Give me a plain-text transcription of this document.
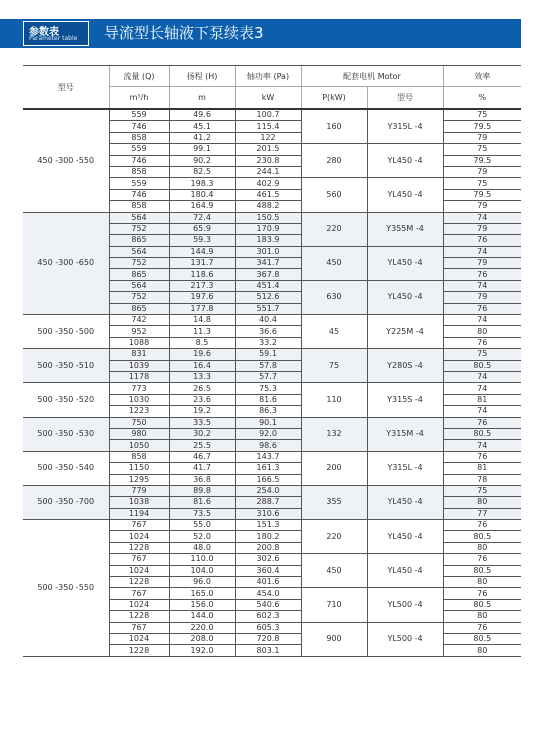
参数表
Parameter table 导流型长轴液下泵续表3
型号	流量 (Q)	扬程 (H)	轴功率 (Pa)	配套电机 Motor		效率
	m³/h	m	kW	P(kW)	型号	%
450 -300 -550	559	49.6	100.7	160	Y315L -4	75
	746	45.1	115.4			79.5
	858	41.2	122			79
	559	99.1	201.5	280	YL450 -4	75
	746	90.2	230.8			79.5
	858	82.5	244.1			79
	559	198.3	402.9	560	YL450 -4	75
	746	180.4	461.5			79.5
	858	164.9	488.2			79
450 -300 -650	564	72.4	150.5	220	Y355M -4	74
	752	65.9	170.9			79
	865	59.3	183.9			76
	564	144.9	301.0	450	YL450 -4	74
	752	131.7	341.7			79
	865	118.6	367.8			76
	564	217.3	451.4	630	YL450 -4	74
	752	197.6	512.6			79
	865	177.8	551.7			76
500 -350 -500	742	14.8	40.4	45	Y225M -4	74
	952	11.3	36.6			80
	1088	8.5	33.2			76
500 -350 -510	831	19.6	59.1	75	Y280S -4	75
	1039	16.4	57.8			80.5
	1178	13.3	57.7			74
500 -350 -520	773	26.5	75.3	110	Y315S -4	74
	1030	23.6	81.6			81
	1223	19.2	86.3			74
500 -350 -530	750	33.5	90.1	132	Y315M -4	76
	980	30.2	92.0			80.5
	1050	25.5	98.6			74
500 -350 -540	858	46.7	143.7	200	Y315L -4	76
	1150	41.7	161.3			81
	1295	36.8	166.5			78
500 -350 -700	779	89.8	254.0	355	YL450 -4	75
	1038	81.6	288.7			80
	1194	73.5	310.6			77
500 -350 -550	767	55.0	151.3	220	YL450 -4	76
	1024	52.0	180.2			80.5
	1228	48.0	200.8			80
	767	110.0	302.6	450	YL450 -4	76
	1024	104.0	360.4			80.5
	1228	96.0	401.6			80
	767	165.0	454.0	710	YL500 -4	76
	1024	156.0	540.6			80.5
	1228	144.0	602.3			80
	767	220.0	605.3	900	YL500 -4	76
	1024	208.0	720.8			80.5
	1228	192.0	803.1			80
